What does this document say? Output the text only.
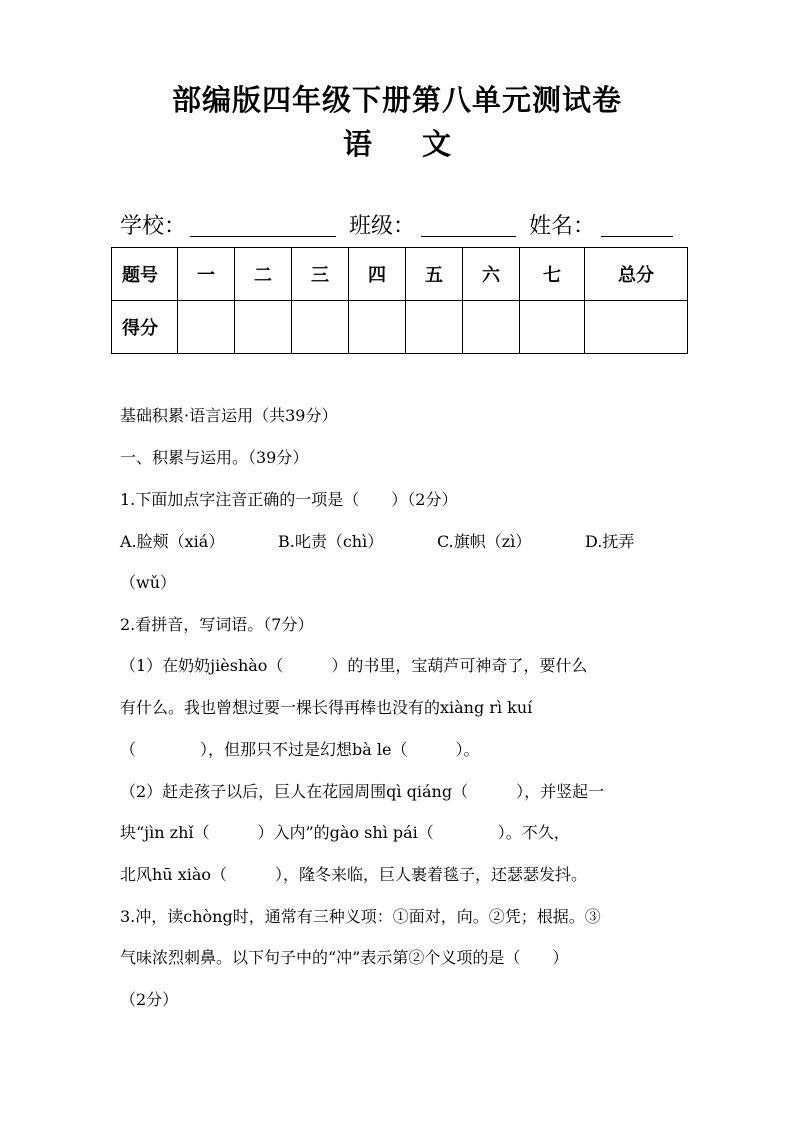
部编版四年级下册第八单元测试卷
语 文
学校：	班级：	姓名：
题号	一	二	三	四	五	六	七	总分
得分								
基础积累·语言运用（共39分）
一、积累与运用。（39分）
1.下面加点字注音正确的一项是（　　）（2分）
A.脸颊（xiá）	B.叱责（chì）	C.旗帜（zì）	D.抚弄
（wǔ）
2.看拼音，写词语。（7分）
（1）在奶奶jièshào（　　　）的书里，宝葫芦可神奇了，要什么
有什么。我也曾想过要一棵长得再棒也没有的xiàng rì kuí
（　　　　），但那只不过是幻想bà le（　　　）。
（2）赶走孩子以后，巨人在花园周围qì qiáng（　　　），并竖起一
块“jìn zhǐ（　　　）入内”的gào shì pái（　　　　）。不久，
北风hū xiào（　　　），隆冬来临，巨人裹着毯子，还瑟瑟发抖。
3.冲，读chòng时，通常有三种义项：①面对，向。②凭；根据。③
气味浓烈刺鼻。以下句子中的“冲”表示第②个义项的是（　　）
（2分）
